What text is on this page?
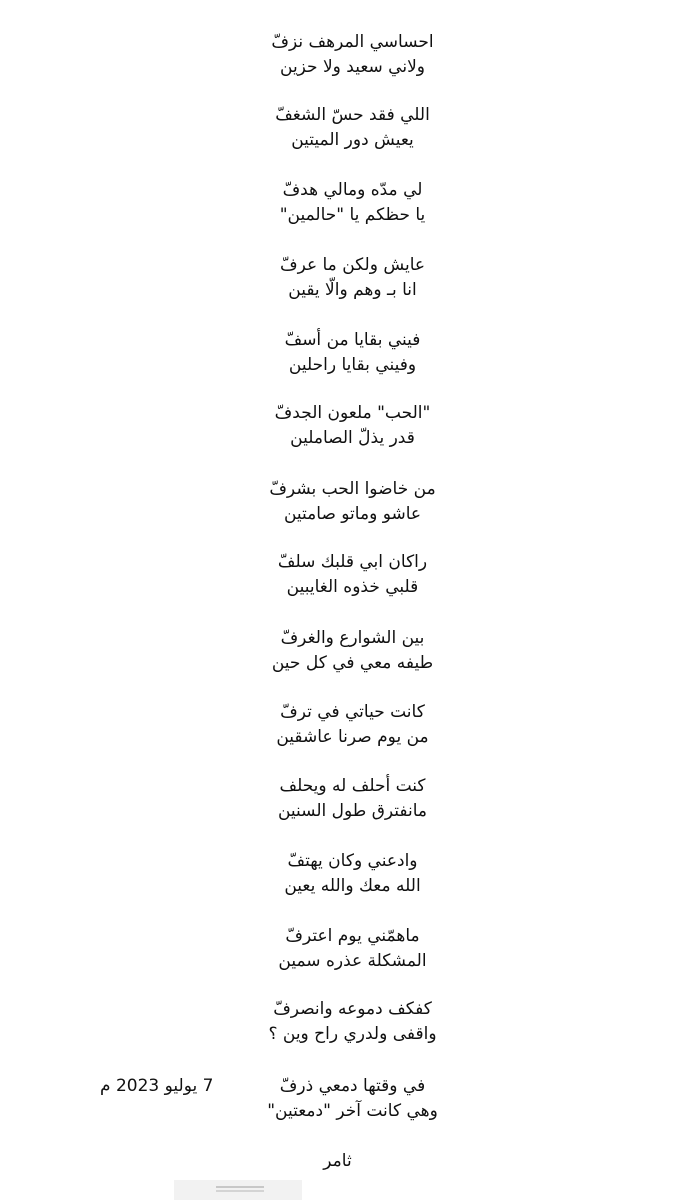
احساسي المرهف نزفّ
ولاني سعيد ولا حزين
اللي فقد حسّ الشغفّ
يعيش دور الميتين
لي مدّه ومالي هدفّ
يا حظكم يا "حالمين"
عايش ولكن ما عرفّ
انا بـ وهم والّا يقين
فيني بقايا من أسفّ
وفيني بقايا راحلين
"الحب" ملعون الجدفّ
قدر يذلّ الصاملين
من خاضوا الحب بشرفّ
عاشو وماتو صامتين
راكان ابي قلبك سلفّ
قلبي خذوه الغايبين
بين الشوارع والغرفّ
طيفه معي في كل حين
كانت حياتي في ترفّ
من يوم صرنا عاشقين
كنت أحلف له ويحلف
مانفترق طول السنين
وادعني وكان يهتفّ
الله معك والله يعين
ماهمّني يوم اعترفّ
المشكلة عذره سمين
كفكف دموعه وانصرفّ
واقفى ولدري راح وين ؟
في وقتها دمعي ذرفّ
وهي كانت آخر "دمعتين"
7 يوليو 2023 م
ثامر
